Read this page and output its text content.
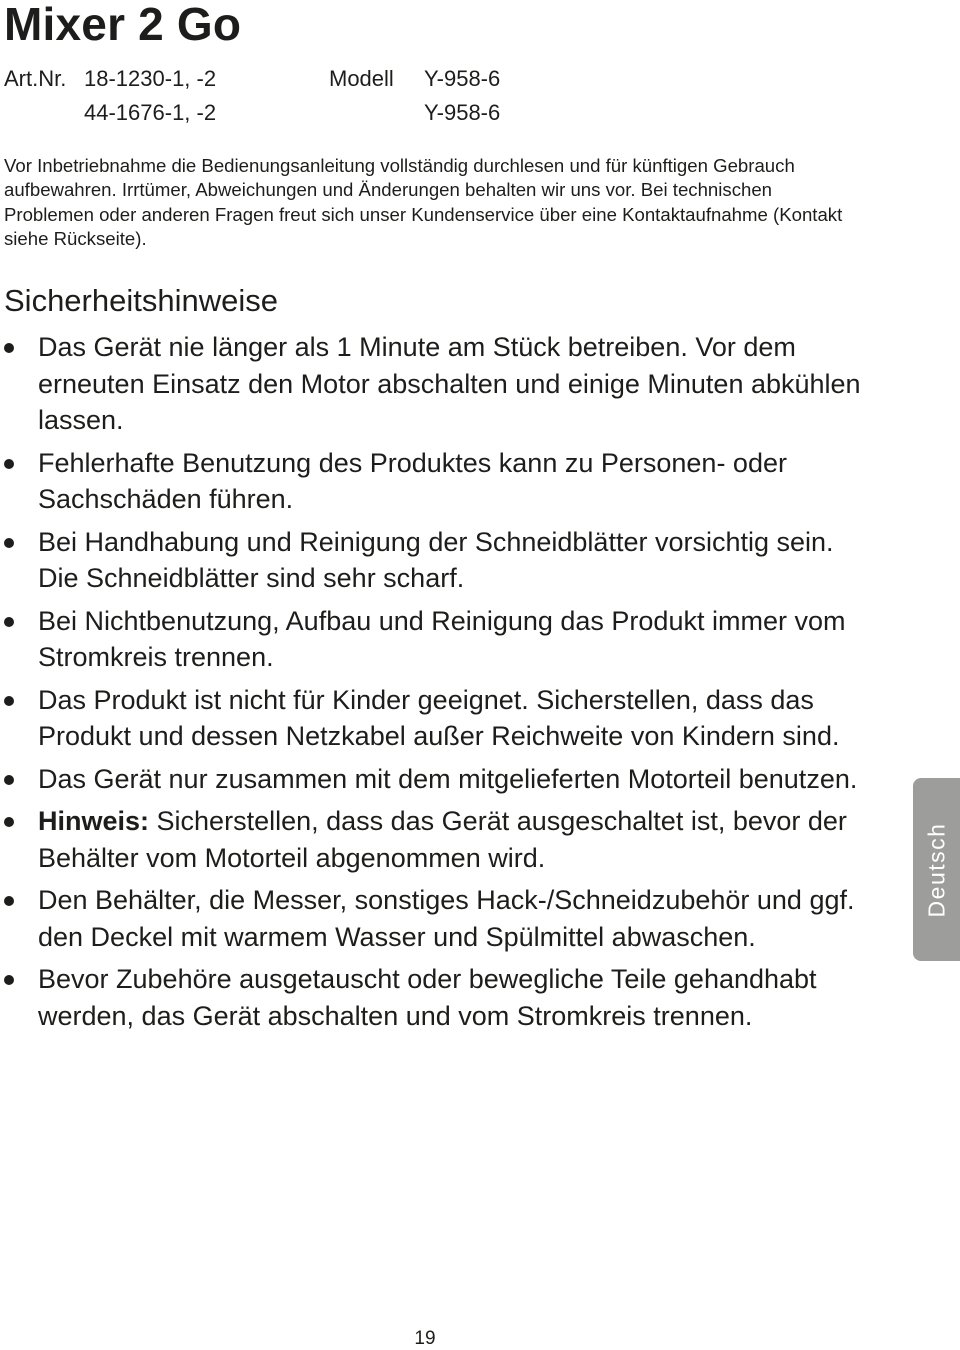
Mixer 2 Go
Art.Nr. 18-1230-1, -2	Modell Y-958-6
44-1676-1, -2	Y-958-6

Vor Inbetriebnahme die Bedienungsanleitung vollständig durchlesen und für künftigen Gebrauch aufbewahren. Irrtümer, Abweichungen und Änderungen behalten wir uns vor. Bei technischen Problemen oder anderen Fragen freut sich unser Kundenservice über eine Kontaktaufnahme (Kontakt siehe Rückseite).

Sicherheitshinweise
Das Gerät nie länger als 1 Minute am Stück betreiben. Vor dem erneuten Einsatz den Motor abschalten und einige Minuten abkühlen lassen.
Fehlerhafte Benutzung des Produktes kann zu Personen- oder Sachschäden führen.
Bei Handhabung und Reinigung der Schneidblätter vorsichtig sein. Die Schneidblätter sind sehr scharf.
Bei Nichtbenutzung, Aufbau und Reinigung das Produkt immer vom Stromkreis trennen.
Das Produkt ist nicht für Kinder geeignet. Sicherstellen, dass das Produkt und dessen Netzkabel außer Reichweite von Kindern sind.
Das Gerät nur zusammen mit dem mitgelieferten Motorteil benutzen.
Hinweis: Sicherstellen, dass das Gerät ausgeschaltet ist, bevor der Behälter vom Motorteil abgenommen wird.
Den Behälter, die Messer, sonstiges Hack-/Schneidzubehör und ggf. den Deckel mit warmem Wasser und Spülmittel abwaschen.
Bevor Zubehöre ausgetauscht oder bewegliche Teile gehandhabt werden, das Gerät abschalten und vom Stromkreis trennen.
Deutsch
19
